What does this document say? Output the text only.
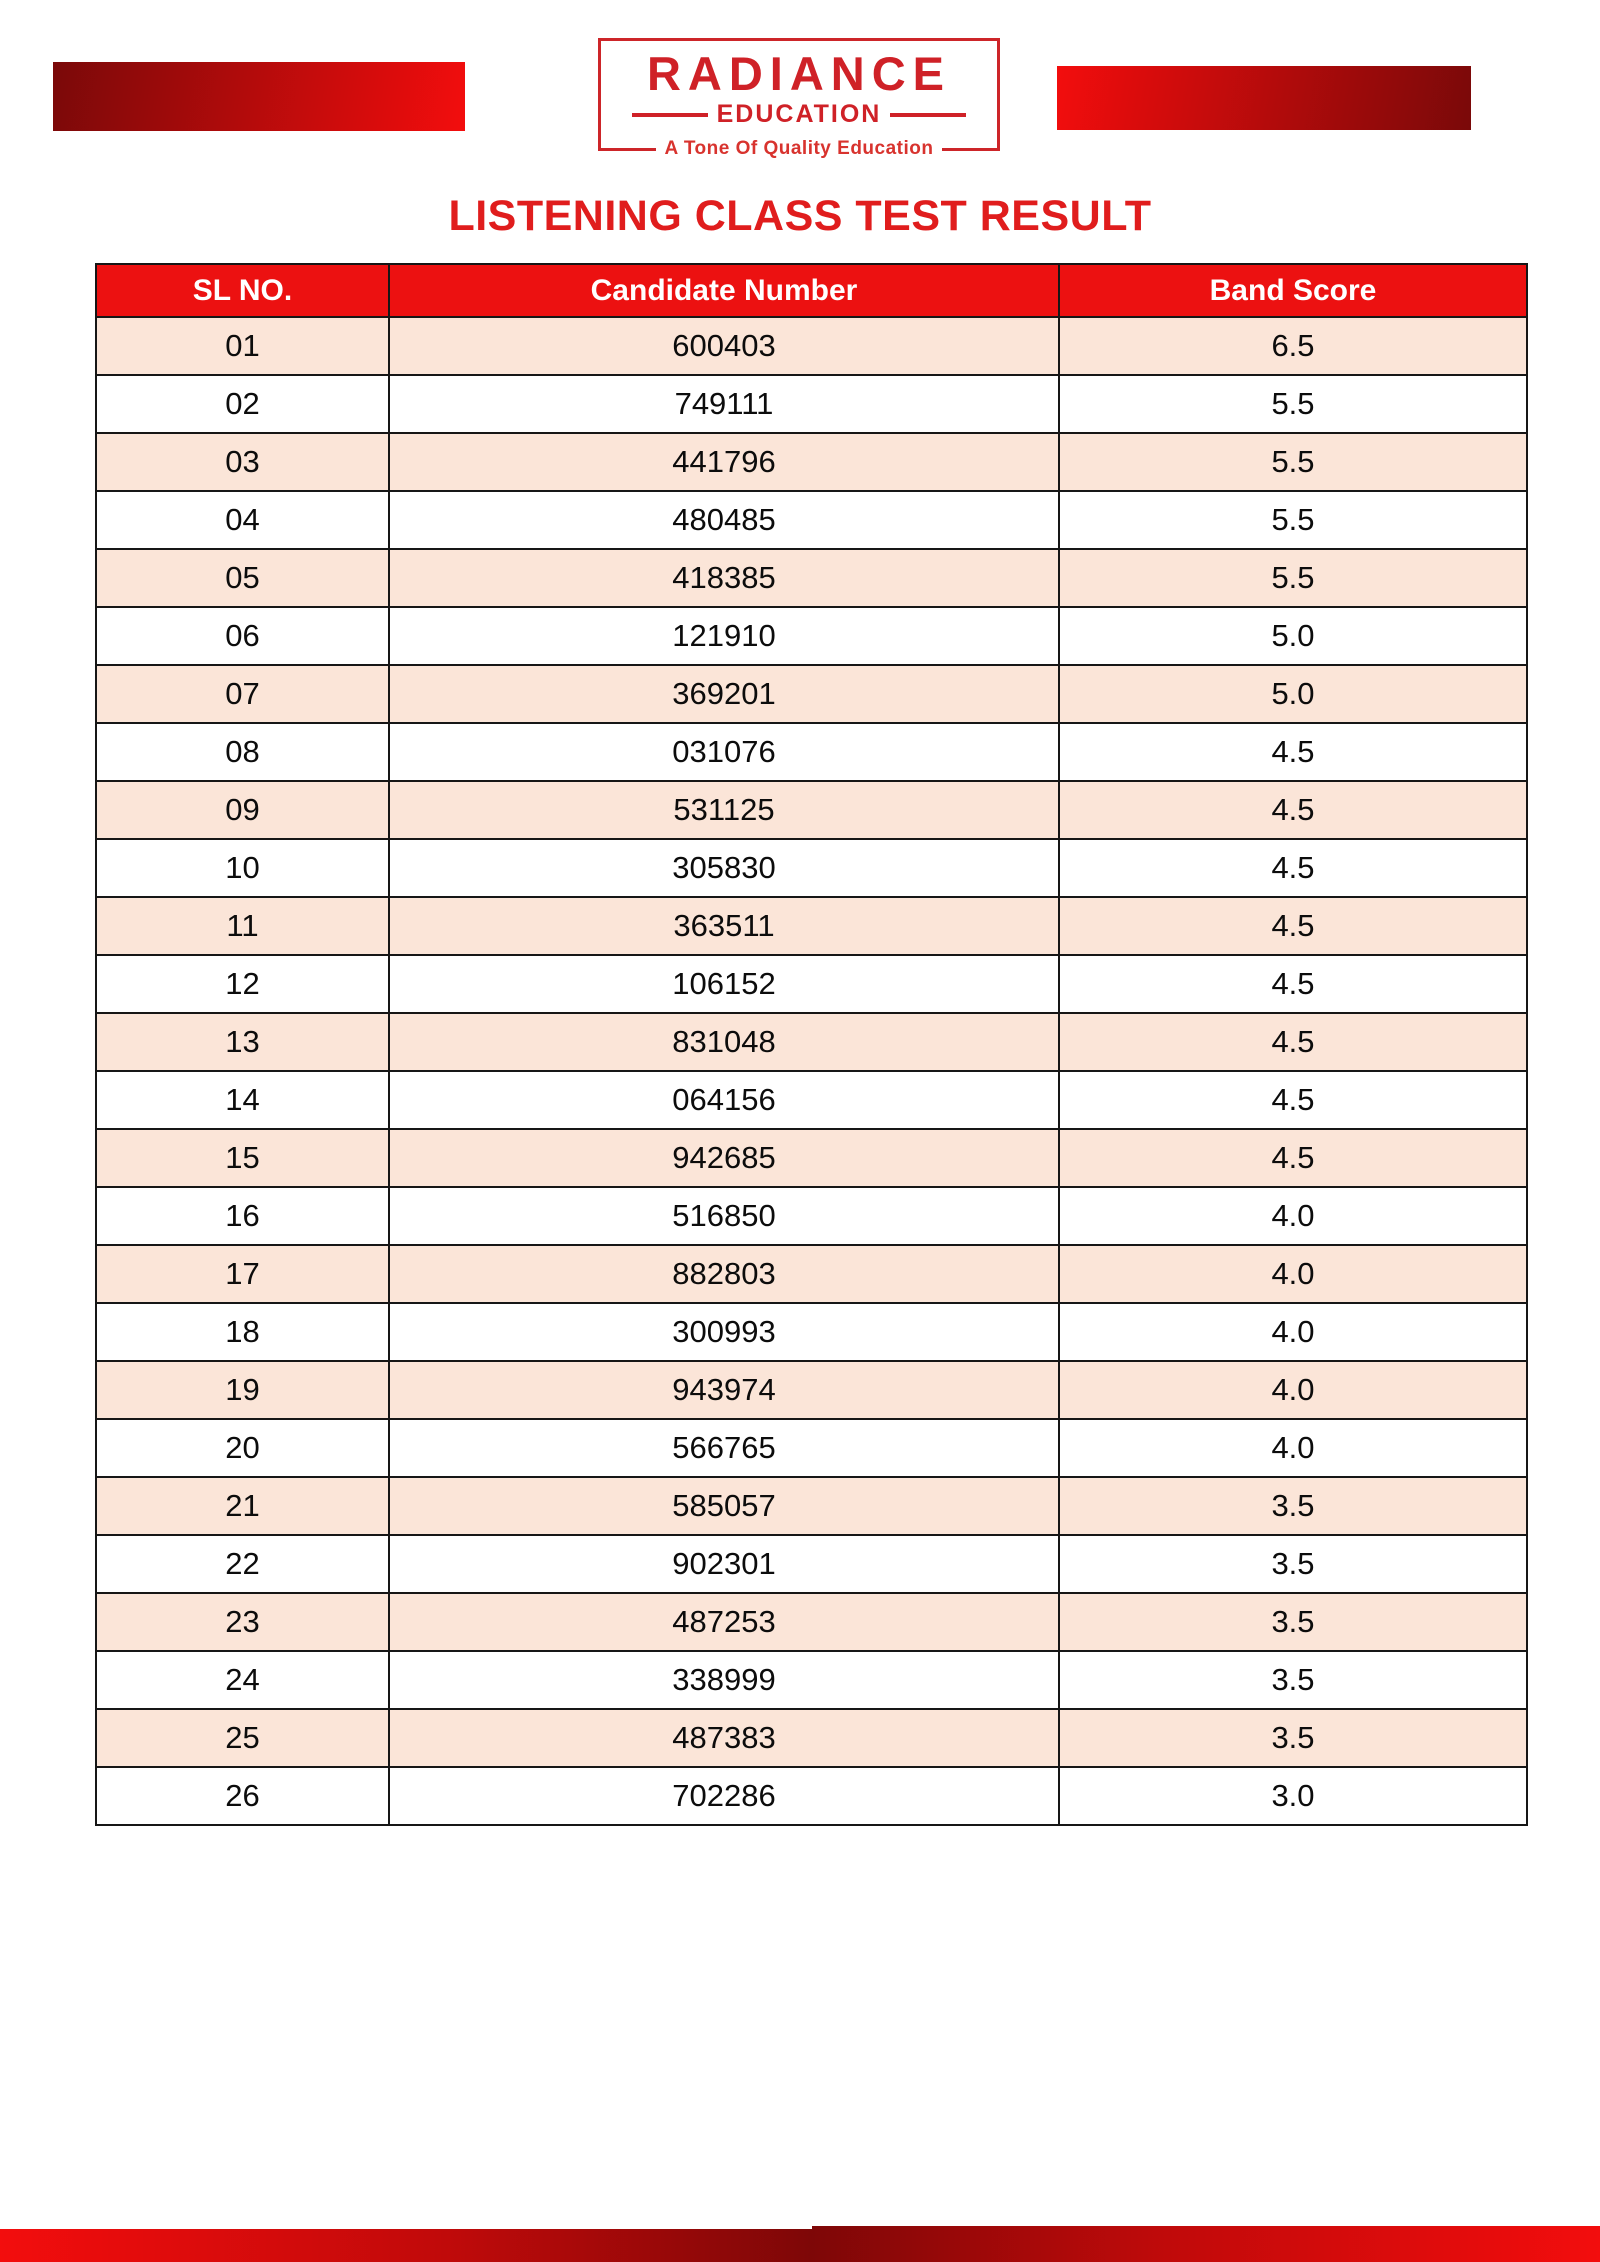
RADIANCE
EDUCATION
A Tone Of Quality Education
LISTENING CLASS TEST RESULT
SL NO.	Candidate Number	Band Score
01	600403	6.5
02	749111	5.5
03	441796	5.5
04	480485	5.5
05	418385	5.5
06	121910	5.0
07	369201	5.0
08	031076	4.5
09	531125	4.5
10	305830	4.5
11	363511	4.5
12	106152	4.5
13	831048	4.5
14	064156	4.5
15	942685	4.5
16	516850	4.0
17	882803	4.0
18	300993	4.0
19	943974	4.0
20	566765	4.0
21	585057	3.5
22	902301	3.5
23	487253	3.5
24	338999	3.5
25	487383	3.5
26	702286	3.0
